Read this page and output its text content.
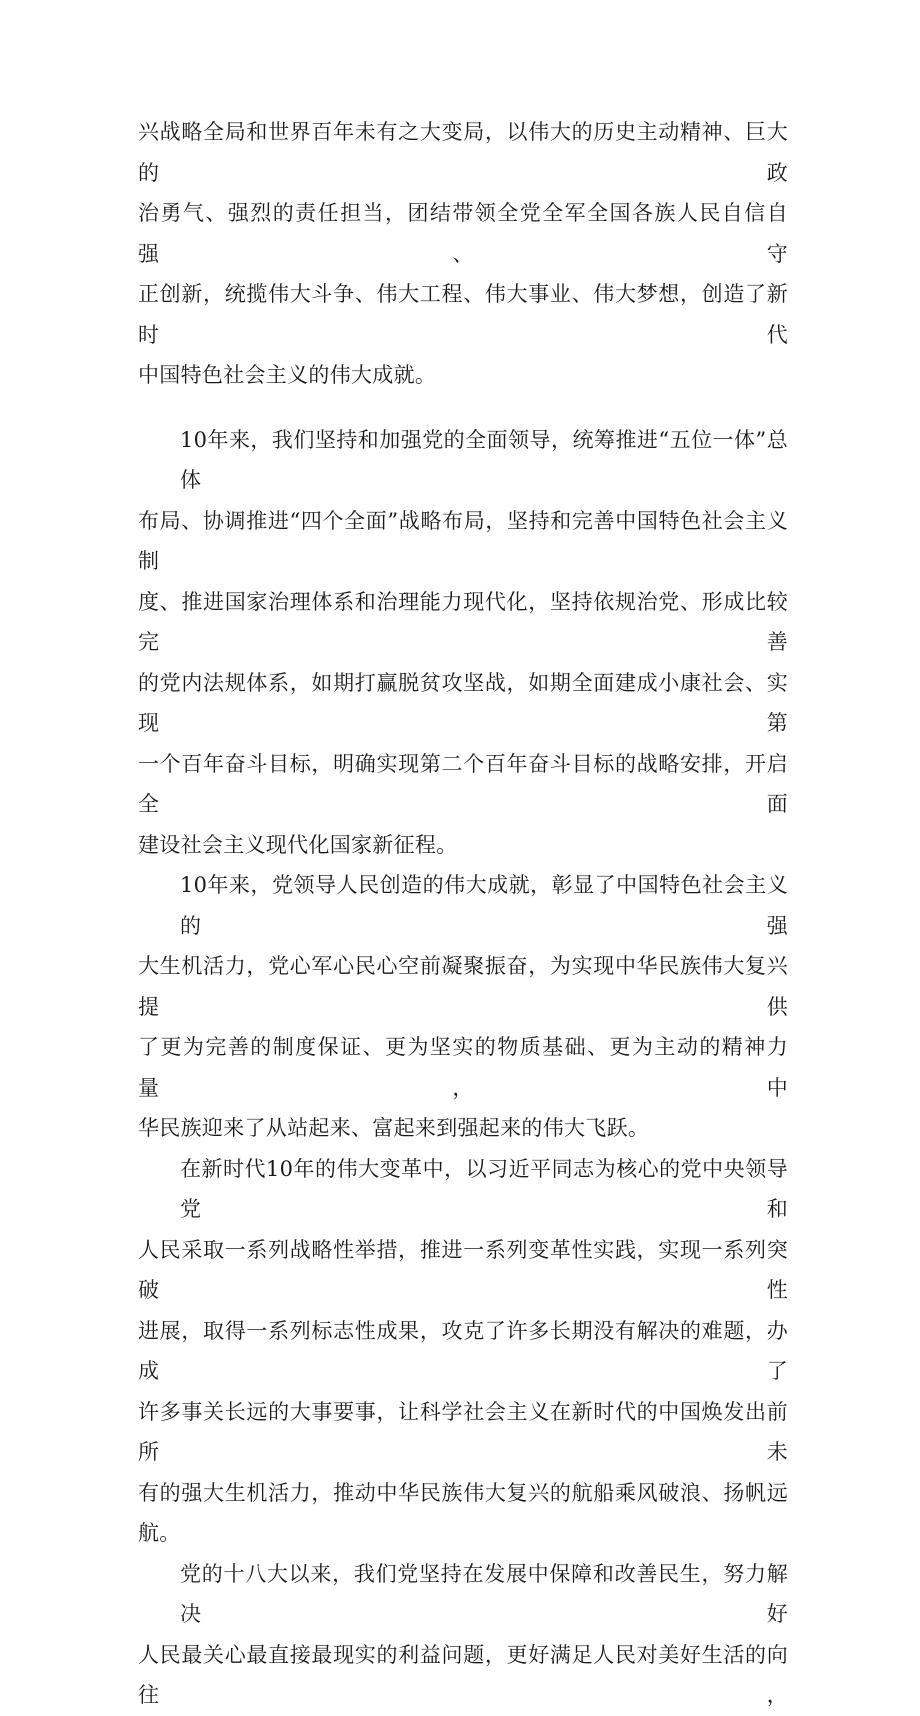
兴战略全局和世界百年未有之大变局，以伟大的历史主动精神、巨大的政
治勇气、强烈的责任担当，团结带领全党全军全国各族人民自信自强、守
正创新，统揽伟大斗争、伟大工程、伟大事业、伟大梦想，创造了新时代
中国特色社会主义的伟大成就。

10年来，我们坚持和加强党的全面领导，统筹推进“五位一体”总体
布局、协调推进“四个全面”战略布局，坚持和完善中国特色社会主义制
度、推进国家治理体系和治理能力现代化，坚持依规治党、形成比较完善
的党内法规体系，如期打赢脱贫攻坚战，如期全面建成小康社会、实现第
一个百年奋斗目标，明确实现第二个百年奋斗目标的战略安排，开启全面
建设社会主义现代化国家新征程。

10年来，党领导人民创造的伟大成就，彰显了中国特色社会主义的强
大生机活力，党心军心民心空前凝聚振奋，为实现中华民族伟大复兴提供
了更为完善的制度保证、更为坚实的物质基础、更为主动的精神力量，中
华民族迎来了从站起来、富起来到强起来的伟大飞跃。

在新时代10年的伟大变革中，以习近平同志为核心的党中央领导党和
人民采取一系列战略性举措，推进一系列变革性实践，实现一系列突破性
进展，取得一系列标志性成果，攻克了许多长期没有解决的难题，办成了
许多事关长远的大事要事，让科学社会主义在新时代的中国焕发出前所未
有的强大生机活力，推动中华民族伟大复兴的航船乘风破浪、扬帆远航。

党的十八大以来，我们党坚持在发展中保障和改善民生，努力解决好
人民最关心最直接最现实的利益问题，更好满足人民对美好生活的向往，
